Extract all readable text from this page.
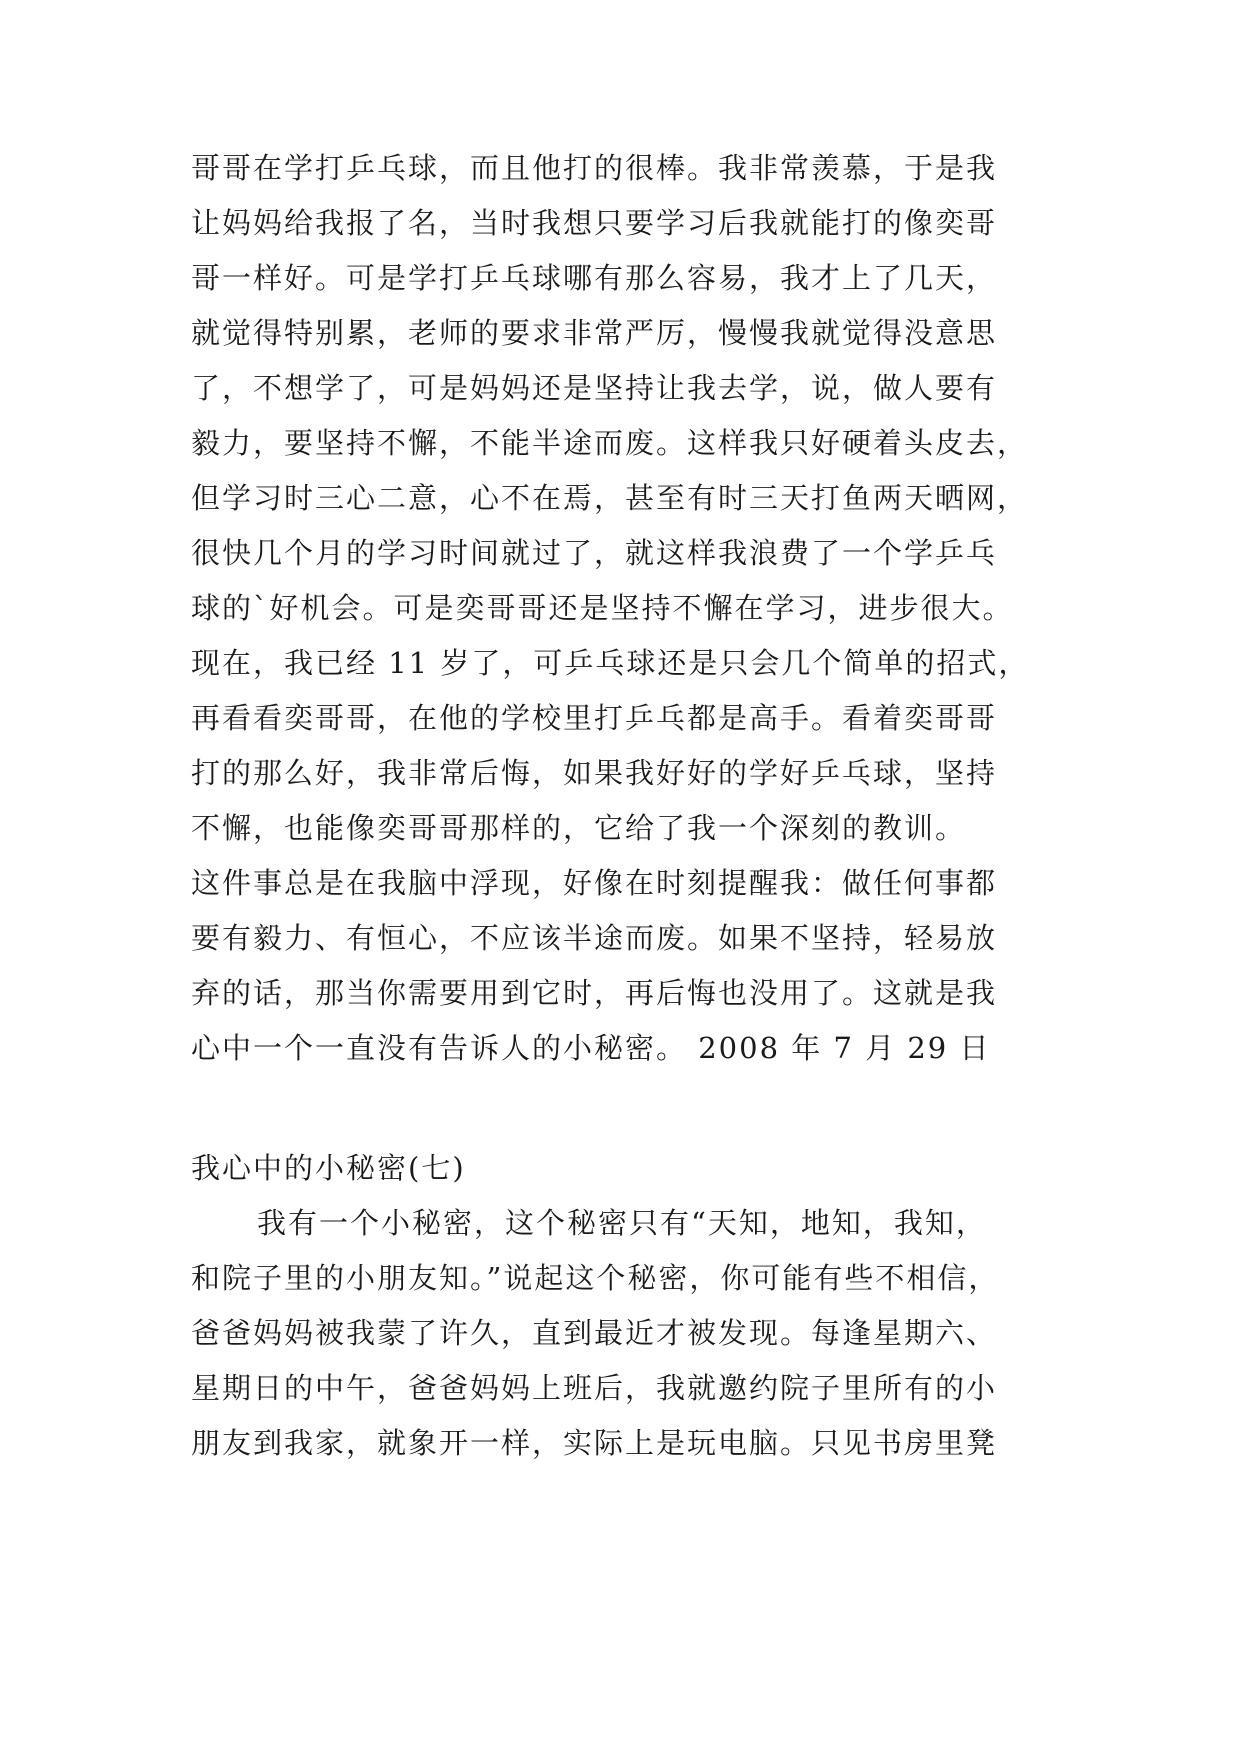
哥哥在学打乒乓球，而且他打的很棒。我非常羡慕，于是我
让妈妈给我报了名，当时我想只要学习后我就能打的像奕哥
哥一样好。可是学打乒乓球哪有那么容易，我才上了几天，
就觉得特别累，老师的要求非常严厉，慢慢我就觉得没意思
了，不想学了，可是妈妈还是坚持让我去学，说，做人要有
毅力，要坚持不懈，不能半途而废。这样我只好硬着头皮去，
但学习时三心二意，心不在焉，甚至有时三天打鱼两天晒网，
很快几个月的学习时间就过了，就这样我浪费了一个学乒乓
球的`好机会。可是奕哥哥还是坚持不懈在学习，进步很大。
现在，我已经 11 岁了，可乒乓球还是只会几个简单的招式，
再看看奕哥哥，在他的学校里打乒乓都是高手。看着奕哥哥
打的那么好，我非常后悔，如果我好好的学好乒乓球，坚持
不懈，也能像奕哥哥那样的，它给了我一个深刻的教训。
这件事总是在我脑中浮现，好像在时刻提醒我：做任何事都
要有毅力、有恒心，不应该半途而废。如果不坚持，轻易放
弃的话，那当你需要用到它时，再后悔也没用了。这就是我
心中一个一直没有告诉人的小秘密。 2008 年 7 月 29 日
我心中的小秘密(七)
我有一个小秘密，这个秘密只有“天知，地知，我知，
和院子里的小朋友知。”说起这个秘密，你可能有些不相信，
爸爸妈妈被我蒙了许久，直到最近才被发现。每逢星期六、
星期日的中午，爸爸妈妈上班后，我就邀约院子里所有的小
朋友到我家，就象开一样，实际上是玩电脑。只见书房里凳
